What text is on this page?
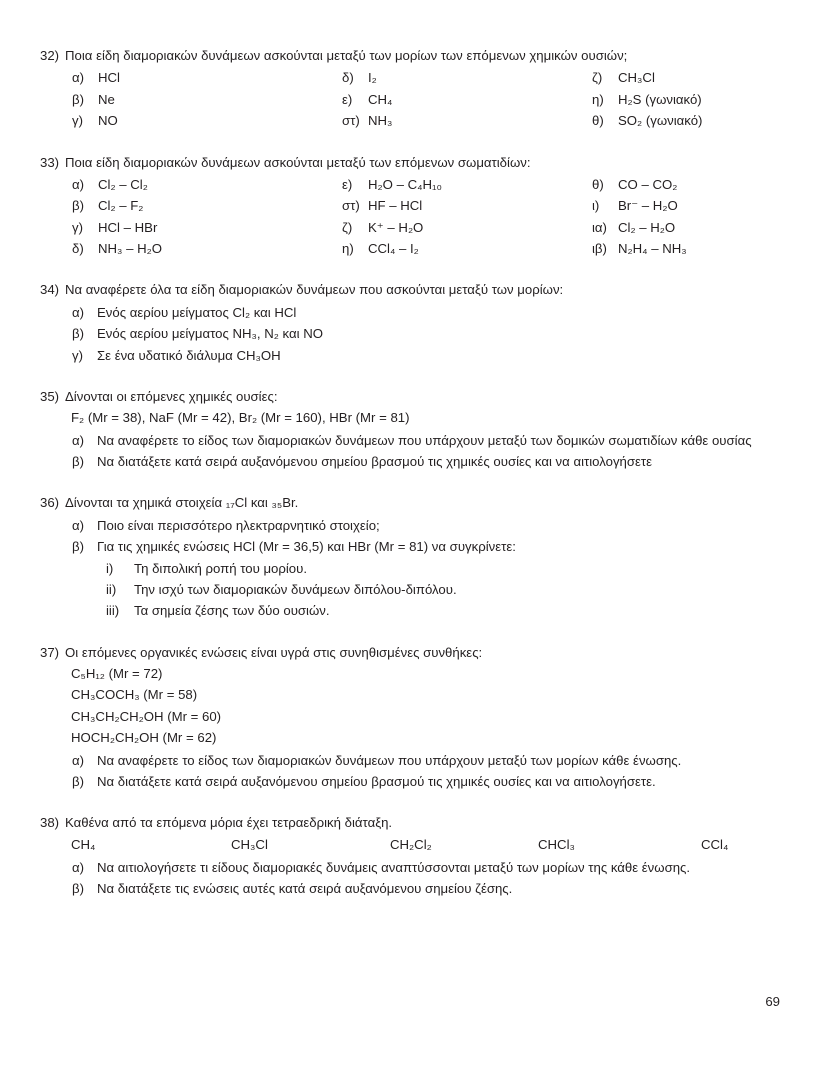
32) Ποια είδη διαμοριακών δυνάμεων ασκούνται μεταξύ των μορίων των επόμενων χημικών ουσιών;
α)	HCl	δ)	I₂	ζ)	CH₃Cl
β)	Ne	ε)	CH₄	η)	H₂S (γωνιακό)
γ)	NO	στ) NH₃	θ)	SO₂ (γωνιακό)
33) Ποια είδη διαμοριακών δυνάμεων ασκούνται μεταξύ των επόμενων σωματιδίων:
α)	Cl₂ – Cl₂	ε)	H₂O – C₄H₁₀	θ)	CO – CO₂
β)	Cl₂ – F₂	στ) HF – HCl	ι)	Br⁻ – H₂O
γ)	HCl – HBr	ζ)	K⁺ – H₂O	ια) Cl₂ – H₂O
δ)	NH₃ – H₂O	η)	CCl₄ – I₂	ιβ) N₂H₄ – NH₃
34) Να αναφέρετε όλα τα είδη διαμοριακών δυνάμεων που ασκούνται μεταξύ των μορίων:
α) Ενός αερίου μείγματος Cl₂ και HCl
β) Ενός αερίου μείγματος NH₃, N₂ και NO
γ)	Σε ένα υδατικό διάλυμα CH₃OH
35) Δίνονται οι επόμενες χημικές ουσίες:
F₂ (Mr = 38), NaF (Mr = 42), Br₂ (Mr = 160), HBr (Mr = 81)
α) Να αναφέρετε το είδος των διαμοριακών δυνάμεων που υπάρχουν μεταξύ των δομικών σωματιδίων κάθε ουσίας
β) Να διατάξετε κατά σειρά αυξανόμενου σημείου βρασμού τις χημικές ουσίες και να αιτιολογήσετε
36) Δίνονται τα χημικά στοιχεία ₁₇Cl και ₃₅Br.
α) Ποιο είναι περισσότερο ηλεκτραρνητικό στοιχείο;
β) Για τις χημικές ενώσεις HCl (Mr = 36,5) και HBr (Mr = 81) να συγκρίνετε:
i)	Τη διπολική ροπή του μορίου.
ii)	Την ισχύ των διαμοριακών δυνάμεων διπόλου-διπόλου.
iii)	Τα σημεία ζέσης των δύο ουσιών.
37) Οι επόμενες οργανικές ενώσεις είναι υγρά στις συνηθισμένες συνθήκες:
C₅H₁₂ (Mr = 72)
CH₃COCH₃ (Mr = 58)
CH₃CH₂CH₂OH (Mr = 60)
HOCH₂CH₂OH (Mr = 62)
α) Να αναφέρετε το είδος των διαμοριακών δυνάμεων που υπάρχουν μεταξύ των μορίων κάθε ένωσης.
β) Να διατάξετε κατά σειρά αυξανόμενου σημείου βρασμού τις χημικές ουσίες και να αιτιολογήσετε.
38) Καθένα από τα επόμενα μόρια έχει τετραεδρική διάταξη.
CH₄	CH₃Cl	CH₂Cl₂	CHCl₃	CCl₄
α) Να αιτιολογήσετε τι είδους διαμοριακές δυνάμεις αναπτύσσονται μεταξύ των μορίων της κάθε ένωσης.
β) Να διατάξετε τις ενώσεις αυτές κατά σειρά αυξανόμενου σημείου ζέσης.
69
